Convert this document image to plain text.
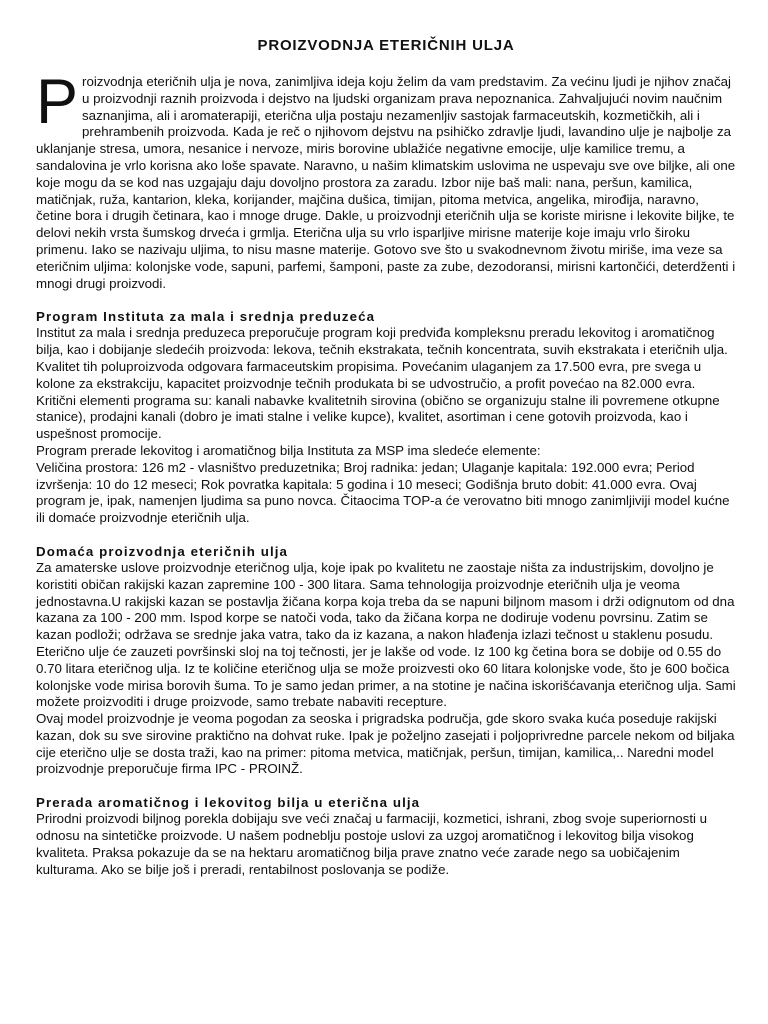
PROIZVODNJA ETERIČNIH ULJA

Proizvodnja eteričnih ulja je nova, zanimljiva ideja koju želim da vam predstavim. Za većinu ljudi je njihov značaj u proizvodnji raznih proizvoda i dejstvo na ljudski organizam prava nepoznanica. Zahvaljujući novim naučnim saznanjima, ali i aromaterapiji, eterična ulja postaju nezamenljiv sastojak farmaceutskih, kozmetičkih, ali i prehrambenih proizvoda. Kada je reč o njihovom dejstvu na psihičko zdravlje ljudi, lavandino ulje je najbolje za uklanjanje stresa, umora, nesanice i nervoze, miris borovine ublažiće negativne emocije, ulje kamilice tremu, a sandalovina je vrlo korisna ako loše spavate. Naravno, u našim klimatskim uslovima ne uspevaju sve ove biljke, ali one koje mogu da se kod nas uzgajaju daju dovoljno prostora za zaradu. Izbor nije baš mali: nana, peršun, kamilica, matičnjak, ruža, kantarion, kleka, korijander, majčina dušica, timijan, pitoma metvica, angelika, mirođija, naravno, četine bora i drugih četinara, kao i mnoge druge. Dakle, u proizvodnji eteričnih ulja se koriste mirisne i lekovite biljke, te delovi nekih vrsta šumskog drveća i grmlja. Eterična ulja su vrlo isparljive mirisne materije koje imaju vrlo široku primenu. Iako se nazivaju uljima, to nisu masne materije. Gotovo sve što u svakodnevnom životu miriše, ima veze sa eteričnim uljima: kolonjske vode, sapuni, parfemi, šamponi, paste za zube, dezodoransi, mirisni kartončići, deterdženti i mnogi drugi proizvodi.

Program Instituta za mala i srednja preduzeća

Institut za mala i srednja preduzeca preporučuje program koji predviđa kompleksnu preradu lekovitog i aromatičnog bilja, kao i dobijanje sledećih proizvoda: lekova, tečnih ekstrakata, tečnih koncentrata, suvih ekstrakata i eteričnih ulja. Kvalitet tih poluproizvoda odgovara farmaceutskim propisima. Povećanim ulaganjem za 17.500 evra, pre svega u kolone za ekstrakciju, kapacitet proizvodnje tečnih produkata bi se udvostručio, a profit povećao na 82.000 evra. Kritični elementi programa su: kanali nabavke kvalitetnih sirovina (obično se organizuju stalne ili povremene otkupne stanice), prodajni kanali (dobro je imati stalne i velike kupce), kvalitet, asortiman i cene gotovih proizvoda, kao i uspešnost promocije.

Program prerade lekovitog i aromatičnog bilja Instituta za MSP ima sledeće elemente:

Veličina prostora: 126 m2 - vlasništvo preduzetnika; Broj radnika: jedan; Ulaganje kapitala: 192.000 evra; Period izvršenja: 10 do 12 meseci; Rok povratka kapitala: 5 godina i 10 meseci; Godišnja bruto dobit: 41.000 evra. Ovaj program je, ipak, namenjen ljudima sa puno novca. Čitaocima TOP-a će verovatno biti mnogo zanimljiviji model kućne ili domaće proizvodnje eteričnih ulja.

Domaća proizvodnja eteričnih ulja

Za amaterske uslove proizvodnje eteričnog ulja, koje ipak po kvalitetu ne zaostaje ništa za industrijskim, dovoljno je koristiti običan rakijski kazan zapremine 100 - 300 litara. Sama tehnologija proizvodnje eteričnih ulja je veoma jednostavna.U rakijski kazan se postavlja žičana korpa koja treba da se napuni biljnom masom i drži odignutom od dna kazana za 100 - 200 mm. Ispod korpe se natoči voda, tako da žičana korpa ne dodiruje vodenu povrsinu. Zatim se kazan podloži; održava se srednje jaka vatra, tako da iz kazana, a nakon hlađenja izlazi tečnost u staklenu posudu. Eterično ulje će zauzeti površinski sloj na toj tečnosti, jer je lakše od vode. Iz 100 kg četina bora se dobije od 0.55 do 0.70 litara eteričnog ulja. Iz te količine eteričnog ulja se može proizvesti oko 60 litara kolonjske vode, što je 600 bočica kolonjske vode mirisa borovih šuma. To je samo jedan primer, a na stotine je načina iskorišćavanja eteričnog ulja. Sami možete proizvoditi i druge proizvode, samo trebate nabaviti recepture.

Ovaj model proizvodnje je veoma pogodan za seoska i prigradska područja, gde skoro svaka kuća poseduje rakijski kazan, dok su sve sirovine praktično na dohvat ruke. Ipak je poželjno zasejati i poljoprivredne parcele nekom od biljaka cije eterično ulje se dosta traži, kao na primer: pitoma metvica, matičnjak, peršun, timijan, kamilica,.. Naredni model proizvodnje preporučuje firma IPC - PROINŽ.

Prerada aromatičnog i lekovitog bilja u eterična ulja

Prirodni proizvodi biljnog porekla dobijaju sve veći značaj u farmaciji, kozmetici, ishrani, zbog svoje superiornosti u odnosu na sintetičke proizvode. U našem podneblju postoje uslovi za uzgoj aromatičnog i lekovitog bilja visokog kvaliteta. Praksa pokazuje da se na hektaru aromatičnog bilja prave znatno veće zarade nego sa uobičajenim kulturama. Ako se bilje još i preradi, rentabilnost poslovanja se podiže.
